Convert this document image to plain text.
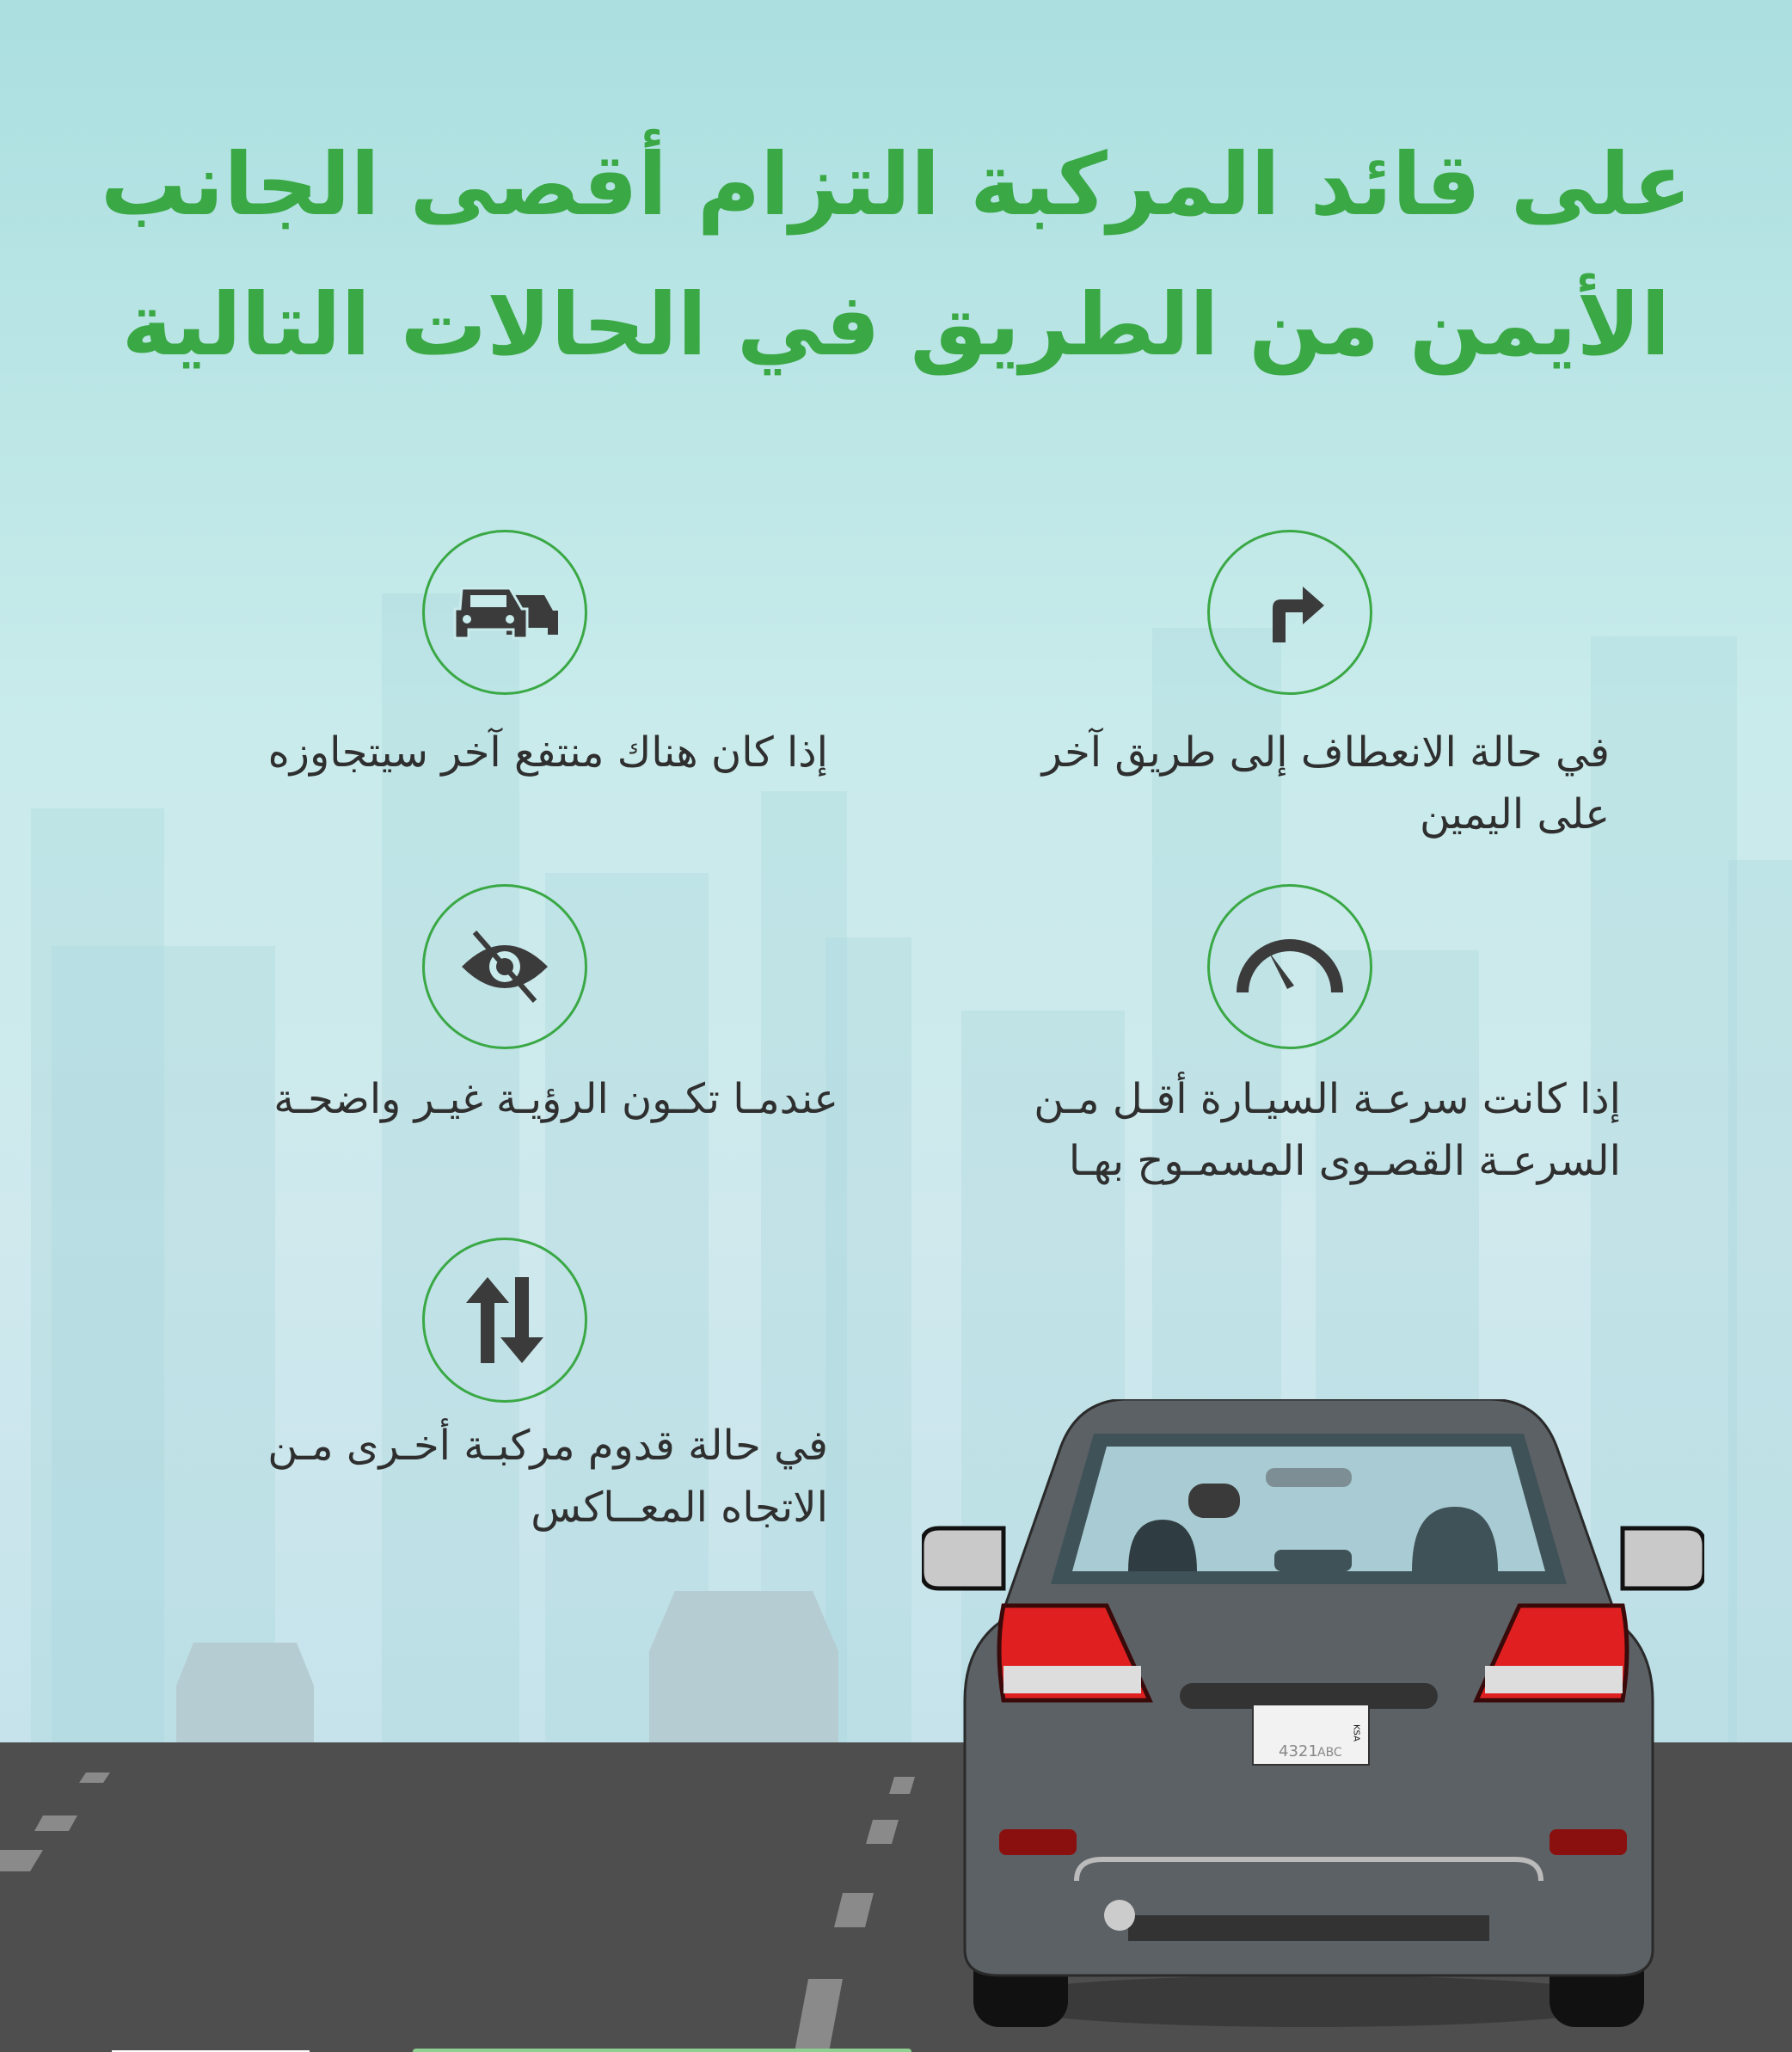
على قائد المركبة التزام أقصى الجانب
الأيمن من الطريق في الحالات التالية
في حالة الانعطاف إلى طريق آخر
على اليمين
إذا كان هناك منتفع آخر سيتجاوزه
إذا كانت سرعـة السيـارة أقـل مـن
السرعـة القصـوى المسمـوح بهـا
عندمـا تكـون الرؤيـة غيـر واضحـة
في حالة قدوم مركبـة أخـرى مـن
الاتجاه المعــاكس
4321 ABC
KSA
